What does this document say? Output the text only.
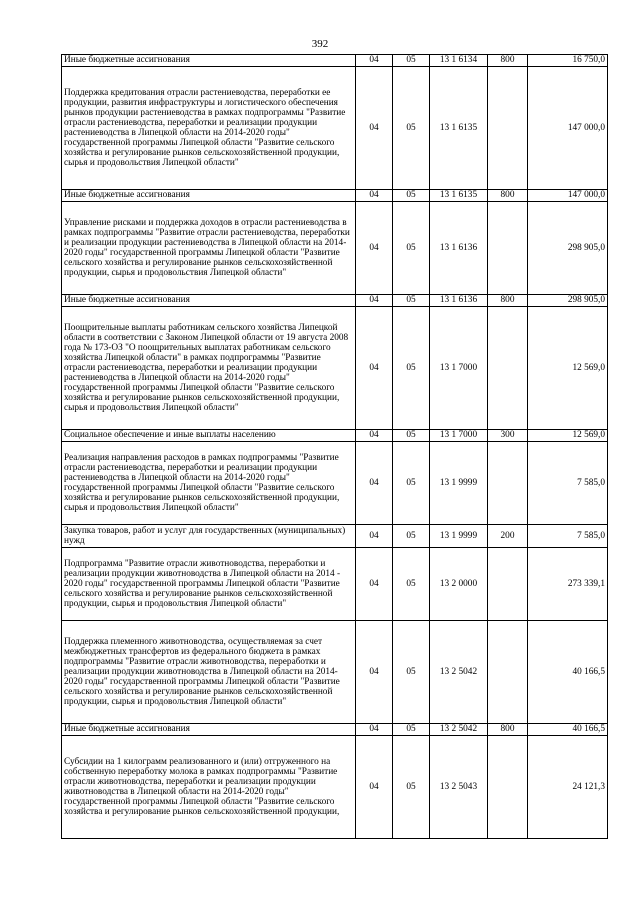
392
Иные бюджетные ассигнования	04	05	13 1 6134	800	16 750,0
Поддержка кредитования отрасли растениеводства, переработки ее продукции, развития инфраструктуры и логистического обеспечения рынков продукции растениеводства в рамках подпрограммы "Развитие отрасли растениеводства, переработки и реализации продукции растениеводства в Липецкой области на 2014-2020 годы" государственной программы Липецкой области "Развитие сельского хозяйства и регулирование рынков сельскохозяйственной продукции, сырья и продовольствия Липецкой области"	04	05	13 1 6135		147 000,0
Иные бюджетные ассигнования	04	05	13 1 6135	800	147 000,0
Управление рисками и поддержка доходов в отрасли растениеводства в рамках подпрограммы "Развитие отрасли растениеводства, переработки и реализации продукции растениеводства в Липецкой области на 2014-2020 годы" государственной программы Липецкой области "Развитие сельского хозяйства и регулирование рынков сельскохозяйственной продукции, сырья и продовольствия Липецкой области"	04	05	13 1 6136		298 905,0
Иные бюджетные ассигнования	04	05	13 1 6136	800	298 905,0
Поощрительные выплаты работникам сельского хозяйства Липецкой области в соответствии с Законом Липецкой области от 19 августа 2008 года № 173-ОЗ "О поощрительных выплатах работникам сельского хозяйства Липецкой области" в рамках подпрограммы "Развитие отрасли растениеводства, переработки и реализации продукции растениеводства в Липецкой области на 2014-2020 годы" государственной программы Липецкой области "Развитие сельского хозяйства и регулирование рынков сельскохозяйственной продукции, сырья и продовольствия Липецкой области"	04	05	13 1 7000		12 569,0
Социальное обеспечение и иные выплаты населению	04	05	13 1 7000	300	12 569,0
Реализация направления расходов в рамках подпрограммы "Развитие отрасли растениеводства, переработки и реализации продукции растениеводства в Липецкой области на 2014-2020 годы" государственной программы Липецкой области "Развитие сельского хозяйства и регулирование рынков сельскохозяйственной продукции, сырья и продовольствия Липецкой области"	04	05	13 1 9999		7 585,0
Закупка товаров, работ и услуг для государственных (муниципальных) нужд	04	05	13 1 9999	200	7 585,0
Подпрограмма "Развитие отрасли животноводства, переработки и реализации продукции животноводства в Липецкой области на 2014 - 2020 годы" государственной программы Липецкой области "Развитие сельского хозяйства и регулирование рынков сельскохозяйственной продукции, сырья и продовольствия Липецкой области"	04	05	13 2 0000		273 339,1
Поддержка племенного животноводства, осуществляемая за счет межбюджетных трансфертов из федерального бюджета в рамках подпрограммы "Развитие отрасли животноводства, переработки и реализации продукции животноводства в Липецкой области на 2014-2020 годы" государственной программы Липецкой области "Развитие сельского хозяйства и регулирование рынков сельскохозяйственной продукции, сырья и продовольствия Липецкой области"	04	05	13 2 5042		40 166,5
Иные бюджетные ассигнования	04	05	13 2 5042	800	40 166,5
Субсидии на 1 килограмм реализованного и (или) отгруженного на собственную переработку молока в рамках подпрограммы "Развитие отрасли животноводства, переработки и реализации продукции животноводства в Липецкой области на 2014-2020 годы" государственной программы Липецкой области "Развитие сельского хозяйства и регулирование рынков сельскохозяйственной продукции,	04	05	13 2 5043		24 121,3
